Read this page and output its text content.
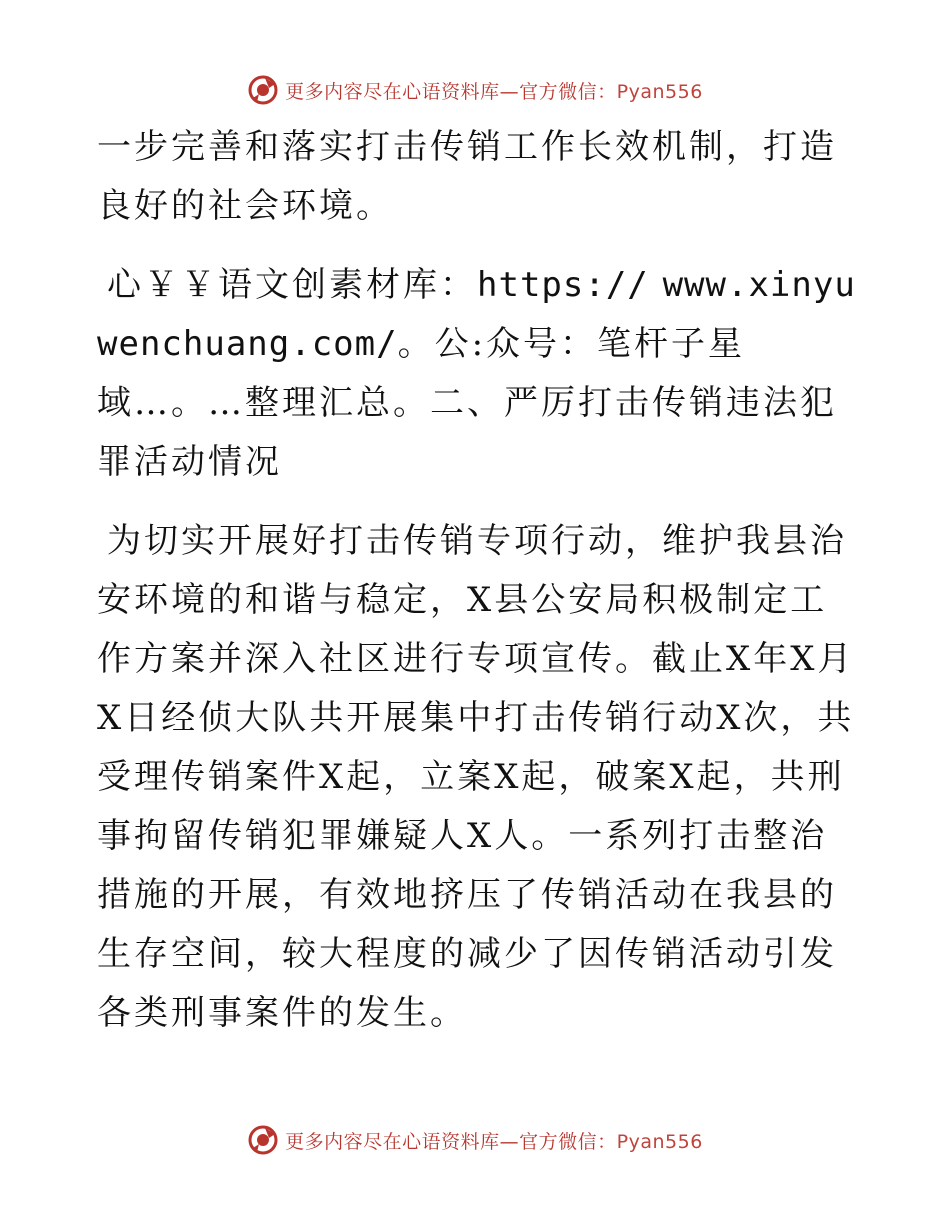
更多内容尽在心语资料库—官方微信：Pyan556

一步完善和落实打击传销工作长效机制，打造良好的社会环境。

心￥￥语文创素材库：https:// www.xinyuwenchuang.com/。公:众号：笔杆子星域…。…整理汇总。二、严厉打击传销违法犯罪活动情况

为切实开展好打击传销专项行动，维护我县治安环境的和谐与稳定，X县公安局积极制定工作方案并深入社区进行专项宣传。截止X年X月X日经侦大队共开展集中打击传销行动X次，共受理传销案件X起，立案X起，破案X起，共刑事拘留传销犯罪嫌疑人X人。一系列打击整治措施的开展，有效地挤压了传销活动在我县的生存空间，较大程度的减少了因传销活动引发各类刑事案件的发生。

更多内容尽在心语资料库—官方微信：Pyan556
